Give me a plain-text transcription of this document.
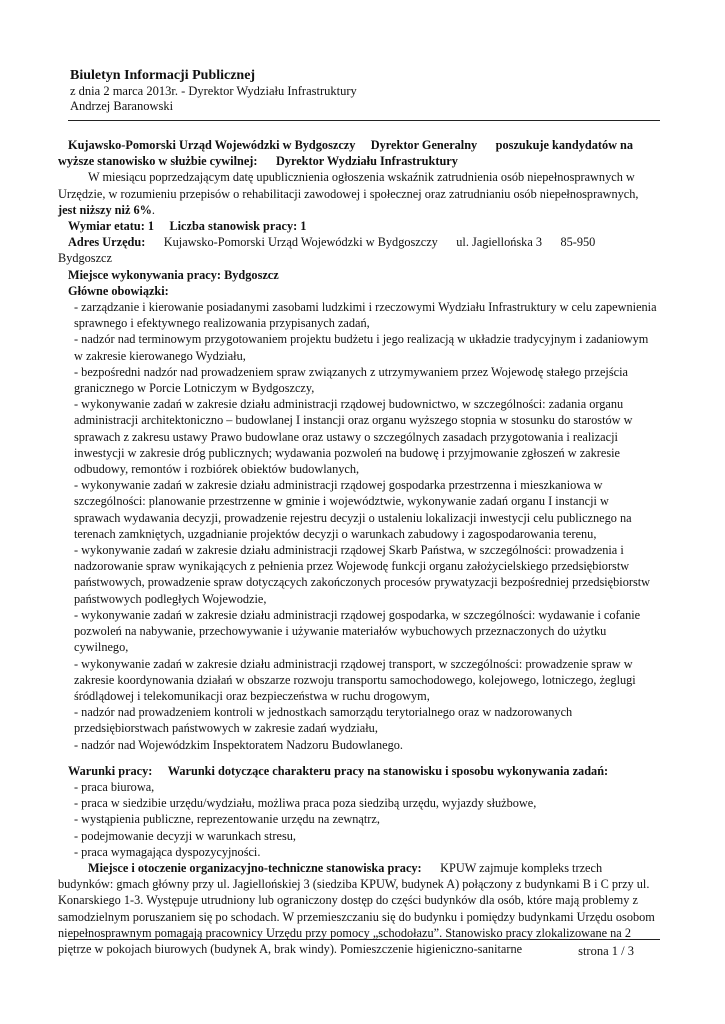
Biuletyn Informacji Publicznej
z dnia 2 marca 2013r. - Dyrektor Wydziału Infrastruktury
Andrzej Baranowski

Kujawsko-Pomorski Urząd Wojewódzki w Bydgoszczy Dyrektor Generalny poszukuje kandydatów na

wyższe stanowisko w służbie cywilnej: Dyrektor Wydziału Infrastruktury

W miesiącu poprzedzającym datę upublicznienia ogłoszenia wskaźnik zatrudnienia osób niepełnosprawnych w Urzędzie, w rozumieniu przepisów o rehabilitacji zawodowej i społecznej oraz zatrudnianiu osób niepełnosprawnych, jest niższy niż 6%.

Wymiar etatu: 1 Liczba stanowisk pracy: 1

Adres Urzędu: Kujawsko-Pomorski Urząd Wojewódzki w Bydgoszczy ul. Jagiellońska 3 85-950

Bydgoszcz

Miejsce wykonywania pracy: Bydgoszcz

Główne obowiązki:

- zarządzanie i kierowanie posiadanymi zasobami ludzkimi i rzeczowymi Wydziału Infrastruktury w celu zapewnienia sprawnego i efektywnego realizowania przypisanych zadań,

- nadzór nad terminowym przygotowaniem projektu budżetu i jego realizacją w układzie tradycyjnym i zadaniowym w zakresie kierowanego Wydziału,

- bezpośredni nadzór nad prowadzeniem spraw związanych z utrzymywaniem przez Wojewodę stałego przejścia granicznego w Porcie Lotniczym w Bydgoszczy,

- wykonywanie zadań w zakresie działu administracji rządowej budownictwo, w szczególności: zadania organu administracji architektoniczno – budowlanej I instancji oraz organu wyższego stopnia w stosunku do starostów w sprawach z zakresu ustawy Prawo budowlane oraz ustawy o szczególnych zasadach przygotowania i realizacji inwestycji w zakresie dróg publicznych; wydawania pozwoleń na budowę i przyjmowanie zgłoszeń w zakresie odbudowy, remontów i rozbiórek obiektów budowlanych,

- wykonywanie zadań w zakresie działu administracji rządowej gospodarka przestrzenna i mieszkaniowa w szczególności: planowanie przestrzenne w gminie i województwie, wykonywanie zadań organu I instancji w sprawach wydawania decyzji, prowadzenie rejestru decyzji o ustaleniu lokalizacji inwestycji celu publicznego na terenach zamkniętych, uzgadnianie projektów decyzji o warunkach zabudowy i zagospodarowania terenu,

- wykonywanie zadań w zakresie działu administracji rządowej Skarb Państwa, w szczególności: prowadzenia i nadzorowanie spraw wynikających z pełnienia przez Wojewodę funkcji organu założycielskiego przedsiębiorstw państwowych, prowadzenie spraw dotyczących zakończonych procesów prywatyzacji bezpośredniej przedsiębiorstw państwowych podległych Wojewodzie,

- wykonywanie zadań w zakresie działu administracji rządowej gospodarka, w szczególności: wydawanie i cofanie pozwoleń na nabywanie, przechowywanie i używanie materiałów wybuchowych przeznaczonych do użytku cywilnego,

- wykonywanie zadań w zakresie działu administracji rządowej transport, w szczególności: prowadzenie spraw w zakresie koordynowania działań w obszarze rozwoju transportu samochodowego, kolejowego, lotniczego, żeglugi śródlądowej i telekomunikacji oraz bezpieczeństwa w ruchu drogowym,

- nadzór nad prowadzeniem kontroli w jednostkach samorządu terytorialnego oraz w nadzorowanych przedsiębiorstwach państwowych w zakresie zadań wydziału,

- nadzór nad Wojewódzkim Inspektoratem Nadzoru Budowlanego.

Warunki pracy: Warunki dotyczące charakteru pracy na stanowisku i sposobu wykonywania zadań:

- praca biurowa,

- praca w siedzibie urzędu/wydziału, możliwa praca poza siedzibą urzędu, wyjazdy służbowe,

- wystąpienia publiczne, reprezentowanie urzędu na zewnątrz,

- podejmowanie decyzji w warunkach stresu,

- praca wymagająca dyspozycyjności.

Miejsce i otoczenie organizacyjno-techniczne stanowiska pracy: KPUW zajmuje kompleks trzech budynków: gmach główny przy ul. Jagiellońskiej 3 (siedziba KPUW, budynek A) połączony z budynkami B i C przy ul. Konarskiego 1-3. Występuje utrudniony lub ograniczony dostęp do części budynków dla osób, które mają problemy z samodzielnym poruszaniem się po schodach. W przemieszczaniu się do budynku i pomiędzy budynkami Urzędu osobom niepełnosprawnym pomagają pracownicy Urzędu przy pomocy „schodołazu”. Stanowisko pracy zlokalizowane na 2 piętrze w pokojach biurowych (budynek A, brak windy). Pomieszczenie higieniczno-sanitarne	strona 1 / 3
